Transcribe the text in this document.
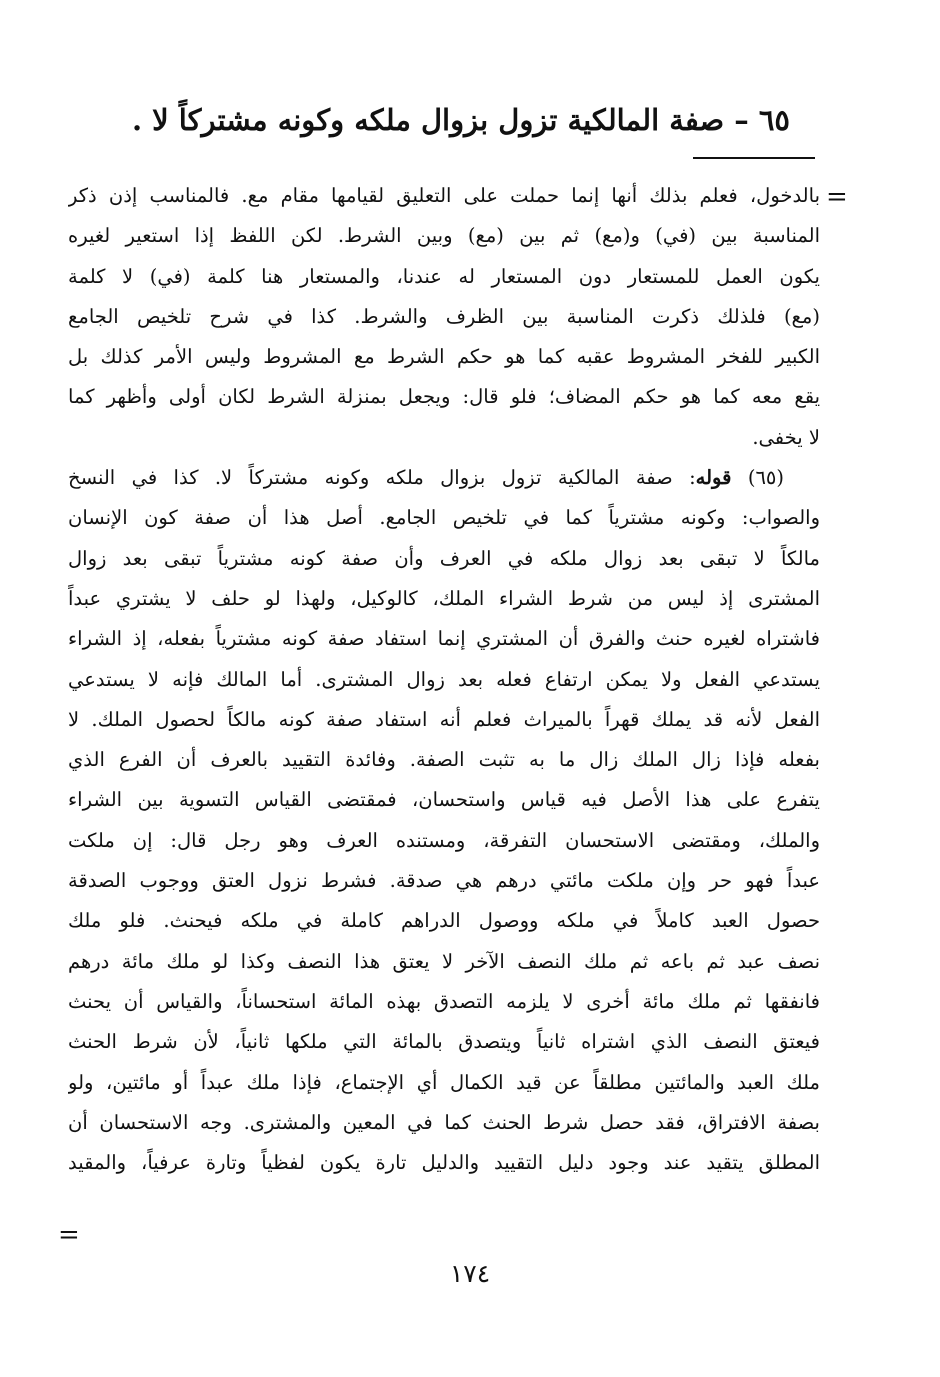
٦٥ – صفة المالكية تزول بزوال ملكه وكونه مشتركاً لا .
=
بالدخول، فعلم بذلك أنها إنما حملت على التعليق لقيامها مقام مع. فالمناسب إذن ذكر
المناسبة بين (في) و(مع) ثم بين (مع) وبين الشرط. لكن اللفظ إذا استعير لغيره
يكون العمل للمستعار دون المستعار له عندنا، والمستعار هنا كلمة (في) لا كلمة
(مع) فلذلك ذكرت المناسبة بين الظرف والشرط. كذا في شرح تلخيص الجامع
الكبير للفخر المشروط عقبه كما هو حكم الشرط مع المشروط وليس الأمر كذلك بل
يقع معه كما هو حكم المضاف؛ فلو قال: ويجعل بمنزلة الشرط لكان أولى وأظهر كما
لا يخفى.
(٦٥) قوله: صفة المالكية تزول بزوال ملكه وكونه مشتركاً لا. كذا في النسخ
والصواب: وكونه مشترياً كما في تلخيص الجامع. أصل هذا أن صفة كون الإنسان
مالكاً لا تبقى بعد زوال ملكه في العرف وأن صفة كونه مشترياً تبقى بعد زوال
المشترى إذ ليس من شرط الشراء الملك، كالوكيل، ولهذا لو حلف لا يشتري عبداً
فاشتراه لغيره حنث والفرق أن المشتري إنما استفاد صفة كونه مشترياً بفعله، إذ الشراء
يستدعي الفعل ولا يمكن ارتفاع فعله بعد زوال المشترى. أما المالك فإنه لا يستدعي
الفعل لأنه قد يملك قهراً بالميراث فعلم أنه استفاد صفة كونه مالكاً لحصول الملك. لا
بفعله فإذا زال الملك زال ما به تثبت الصفة. وفائدة التقييد بالعرف أن الفرع الذي
يتفرع على هذا الأصل فيه قياس واستحسان، فمقتضى القياس التسوية بين الشراء
والملك، ومقتضى الاستحسان التفرقة، ومستنده العرف وهو رجل قال: إن ملكت
عبداً فهو حر وإن ملكت مائتي درهم هي صدقة. فشرط نزول العتق ووجوب الصدقة
حصول العبد كاملاً في ملكه ووصول الدراهم كاملة في ملكه فيحنث. فلو ملك
نصف عبد ثم باعه ثم ملك النصف الآخر لا يعتق هذا النصف وكذا لو ملك مائة درهم
فانفقها ثم ملك مائة أخرى لا يلزمه التصدق بهذه المائة استحساناً، والقياس أن يحنث
فيعتق النصف الذي اشتراه ثانياً ويتصدق بالمائة التي ملكها ثانياً، لأن شرط الحنث
ملك العبد والمائتين مطلقاً عن قيد الكمال أي الإجتماع، فإذا ملك عبداً أو مائتين، ولو
بصفة الافتراق، فقد حصل شرط الحنث كما في المعين والمشترى. وجه الاستحسان أن
المطلق يتقيد عند وجود دليل التقييد والدليل تارة يكون لفظياً وتارة عرفياً، والمقيد
=
١٧٤
